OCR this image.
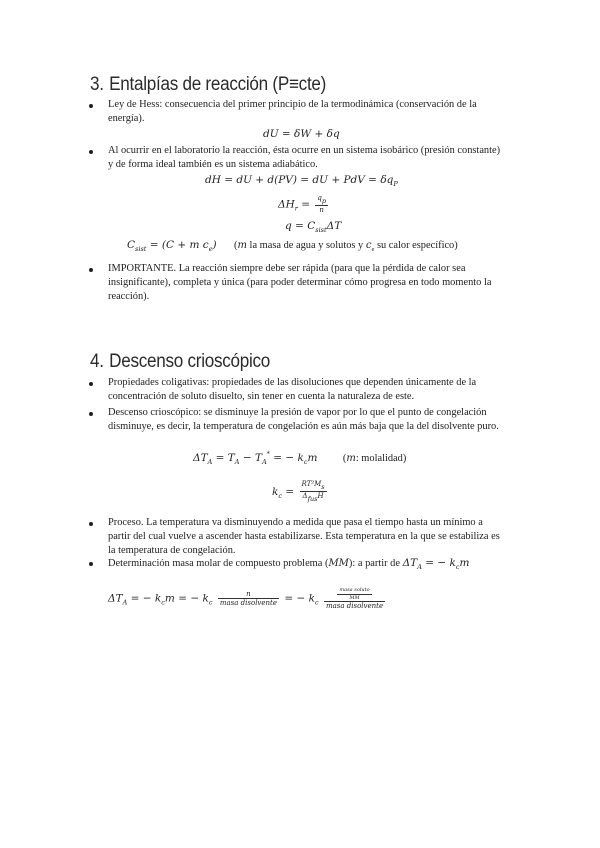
3. Entalpías de reacción (P≡cte)
Ley de Hess: consecuencia del primer principio de la termodinámica (conservación de la
energía).
dU = δW + δq
Al ocurrir en el laboratorio la reacción, ésta ocurre en un sistema isobárico (presión constante)
y de forma ideal también es un sistema adiabático.
dH = dU + d(PV) = dU + PdV = $\delta q_P$
$\Delta H_r = \frac{q_p}{n}$
$q = C_{sist}\Delta T$
$C_{sist} = (C + m$ $c_e$) (m la masa de agua y solutos y $c_e$ su calor específico)
IMPORTANTE. La reacción siempre debe ser rápida (para que la pérdida de calor sea
insignificante), completa y única (para poder determinar cómo progresa en todo momento la
reacción).
4. Descenso crioscópico
Propiedades coligativas: propiedades de las disoluciones que dependen únicamente de la
concentración de soluto disuelto, sin tener en cuenta la naturaleza de este.
Descenso crioscópico: se disminuye la presión de vapor por lo que el punto de congelación
disminuye, es decir, la temperatura de congelación es aún más baja que la del disolvente puro.
$\Delta T_A = T_A - T_A^*$ = − $k_cm$ (m: molalidad)
$k_c = \frac{RT^2M_s}{\Delta_{fus}H}$
Proceso. La temperatura va disminuyendo a medida que pasa el tiempo hasta un mínimo a
partir del cual vuelve a ascender hasta estabilizarse. Esta temperatura en la que se estabiliza es
la temperatura de congelación.
Determinación masa molar de compuesto problema (MM): a partir de $\Delta T_A$ = − $k_cm$
$\Delta T_A$ = − $k_cm$ = − $k_c \frac{n}{\text{masa disolvente}}$ = − $k_c \frac{\frac{\text{masa soluto}}{MM}}{\text{masa disolvente}}$
